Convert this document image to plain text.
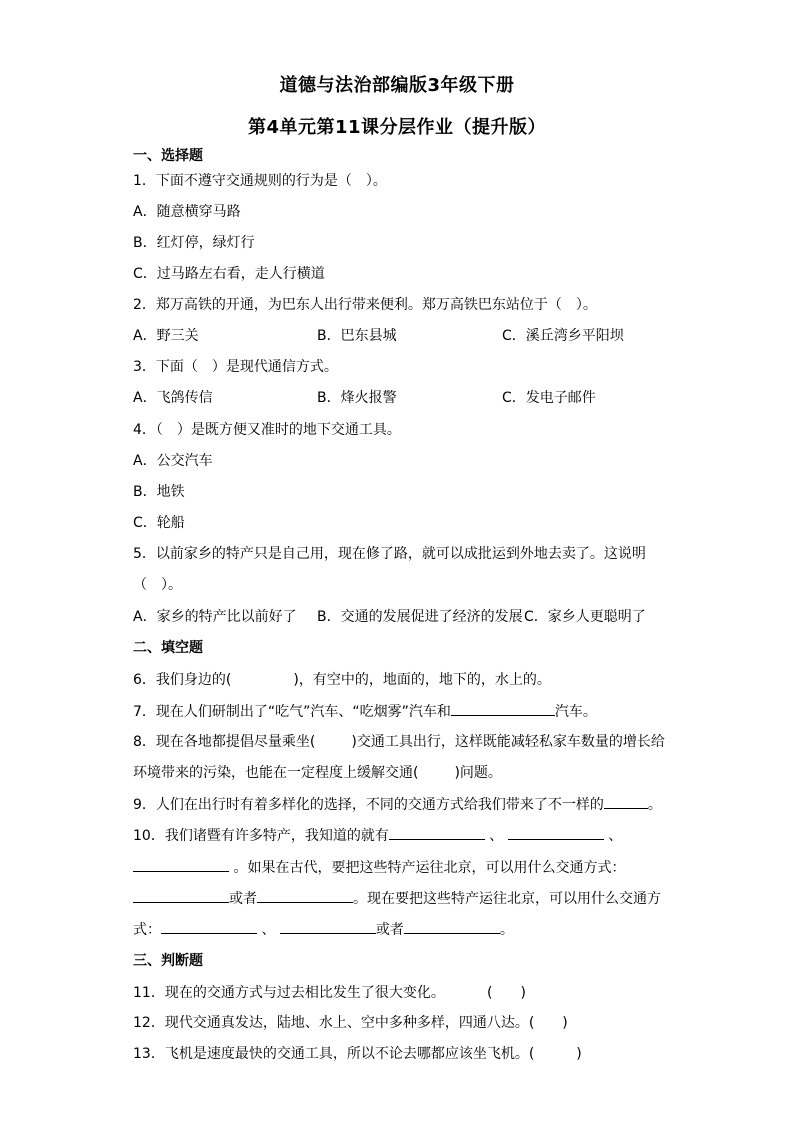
道德与法治部编版3年级下册
第4单元第11课分层作业（提升版）
一、选择题
1．下面不遵守交通规则的行为是（　）。
A．随意横穿马路
B．红灯停，绿灯行
C．过马路左右看，走人行横道
2．郑万高铁的开通，为巴东人出行带来便利。郑万高铁巴东站位于（　）。
A．野三关	B．巴东县城	C．溪丘湾乡平阳坝
3．下面（　）是现代通信方式。
A．飞鸽传信	B．烽火报警	C．发电子邮件
4．（　）是既方便又准时的地下交通工具。
A．公交汽车
B．地铁
C．轮船
5．以前家乡的特产只是自己用，现在修了路，就可以成批运到外地去卖了。这说明
（　）。
A．家乡的特产比以前好了 B．交通的发展促进了经济的发展 C．家乡人更聪明了
二、填空题
6．我们身边的(	)，有空中的，地面的，地下的，水上的。
7．现在人们研制出了“吃气”汽车、“吃烟雾”汽车和	汽车。
8．现在各地都提倡尽量乘坐(	)交通工具出行，这样既能减轻私家车数量的增长给
环境带来的污染，也能在一定程度上缓解交通(	)问题。
9．人们在出行时有着多样化的选择，不同的交通方式给我们带来了不一样的	。
10．我们诸暨有许多特产，我知道的就有	、	、
。如果在古代，要把这些特产运往北京，可以用什么交通方式：
或者	。现在要把这些特产运往北京，可以用什么交通方
式：	、	或者	。
三、判断题
11．现在的交通方式与过去相比发生了很大变化。	(　　)
12．现代交通真发达，陆地、水上、空中多种多样，四通八达。(　　)
13．飞机是速度最快的交通工具，所以不论去哪都应该坐飞机。(　　　)
